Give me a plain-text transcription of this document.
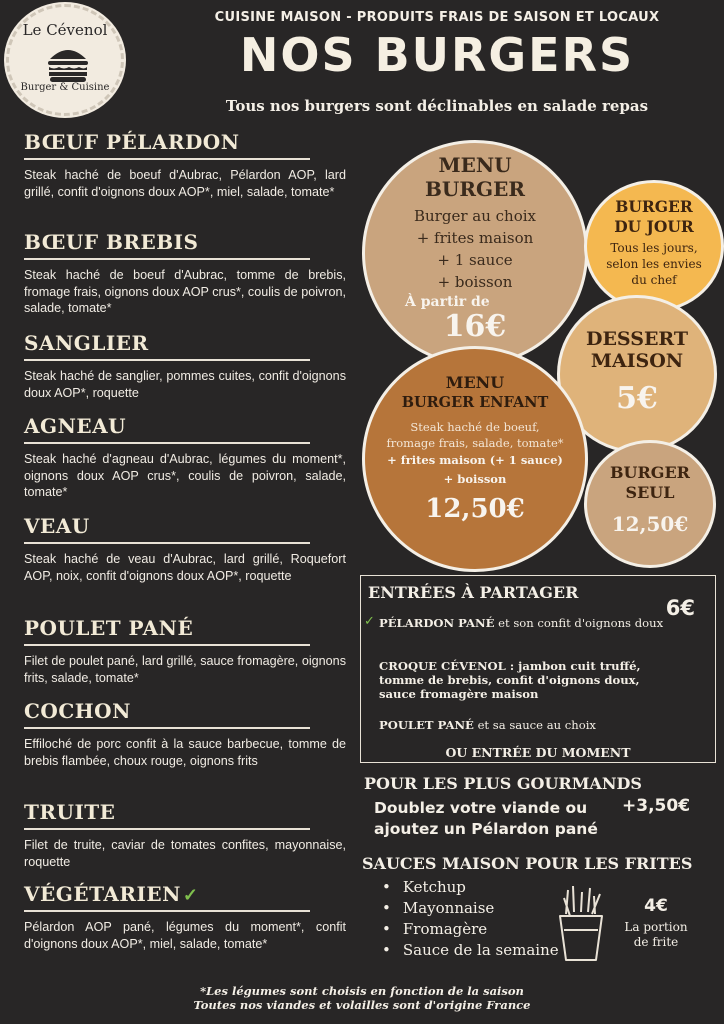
Le Cévenol
Burger & Cuisine
CUISINE MAISON - PRODUITS FRAIS DE SAISON ET LOCAUX
NOS BURGERS
Tous nos burgers sont déclinables en salade repas
BŒUF PÉLARDON

Steak haché de boeuf d'Aubrac, Pélardon AOP, lard grillé, confit d'oignons doux AOP*, miel, salade, tomate*

BŒUF BREBIS

Steak haché de boeuf d'Aubrac, tomme de brebis, fromage frais, oignons doux AOP crus*, coulis de poivron, salade, tomate*

SANGLIER

Steak haché de sanglier, pommes cuites, confit d'oignons doux AOP*, roquette

AGNEAU

Steak haché d'agneau d'Aubrac, légumes du moment*, oignons doux AOP crus*, coulis de poivron, salade, tomate*

VEAU

Steak haché de veau d'Aubrac, lard grillé, Roquefort AOP, noix, confit d'oignons doux AOP*, roquette

POULET PANÉ

Filet de poulet pané, lard grillé, sauce fromagère, oignons frits, salade, tomate*

COCHON

Effiloché de porc confit à la sauce barbecue, tomme de brebis flambée, choux rouge, oignons frits

TRUITE

Filet de truite, caviar de tomates confites, mayonnaise, roquette

VÉGÉTARIEN ✓

Pélardon AOP pané, légumes du moment*, confit d'oignons doux AOP*, miel, salade, tomate*

MENU
BURGER
Burger au choix
+ frites maison
+ 1 sauce
+ boisson
À partir de
16€
BURGER
DU JOUR
Tous les jours,
selon les envies
du chef
DESSERT
MAISON
5€
MENU
BURGER ENFANT
Steak haché de boeuf,
fromage frais, salade, tomate*
+ frites maison (+ 1 sauce)
+ boisson
12,50€
BURGER
SEUL
12,50€
ENTRÉES À PARTAGER
6€
✓ PÉLARDON PANÉ et son confit d'oignons doux
CROQUE CÉVENOL : jambon cuit truffé, tomme de brebis, confit d'oignons doux, sauce fromagère maison
POULET PANÉ et sa sauce au choix
OU ENTRÉE DU MOMENT
POUR LES PLUS GOURMANDS
Doublez votre viande ou
ajoutez un Pélardon pané
+3,50€
SAUCES MAISON POUR LES FRITES
• Ketchup
• Mayonnaise
• Fromagère
• Sauce de la semaine
4€
La portion
de frite
*Les légumes sont choisis en fonction de la saison
Toutes nos viandes et volailles sont d'origine France
